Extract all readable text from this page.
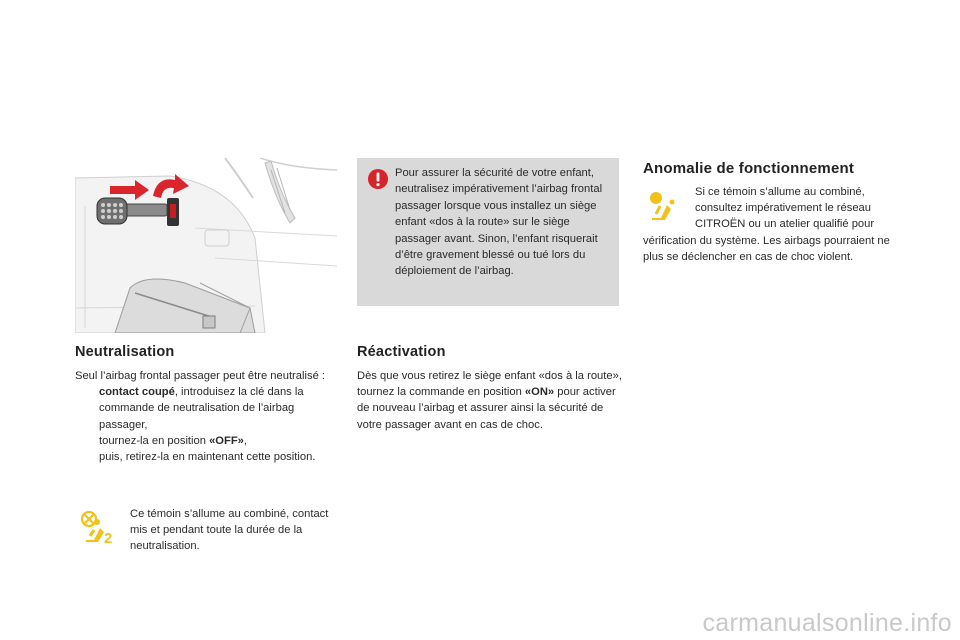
Neutralisation
Seul l’airbag frontal passager peut être neutralisé :
contact coupé, introduisez la clé dans la commande de neutralisation de l’airbag passager,
tournez-la en position «OFF»,
puis, retirez-la en maintenant cette position.
2
Ce témoin s’allume au combiné, contact mis et pendant toute la durée de la neutralisation.
Pour assurer la sécurité de votre enfant, neutralisez impérativement l’airbag frontal passager lorsque vous installez un siège enfant «dos à la route» sur le siège passager avant. Sinon, l’enfant risquerait d’être gravement blessé ou tué lors du déploiement de l’airbag.
Réactivation
Dès que vous retirez le siège enfant «dos à la route», tournez la commande en position «ON» pour activer de nouveau l’airbag et assurer ainsi la sécurité de votre passager avant en cas de choc.
Anomalie de fonctionnement
Si ce témoin s’allume au combiné, consultez impérativement le réseau CITROËN ou un atelier qualifié pour vérification du système. Les airbags pourraient ne plus se déclencher en cas de choc violent.
carmanualsonline.info
